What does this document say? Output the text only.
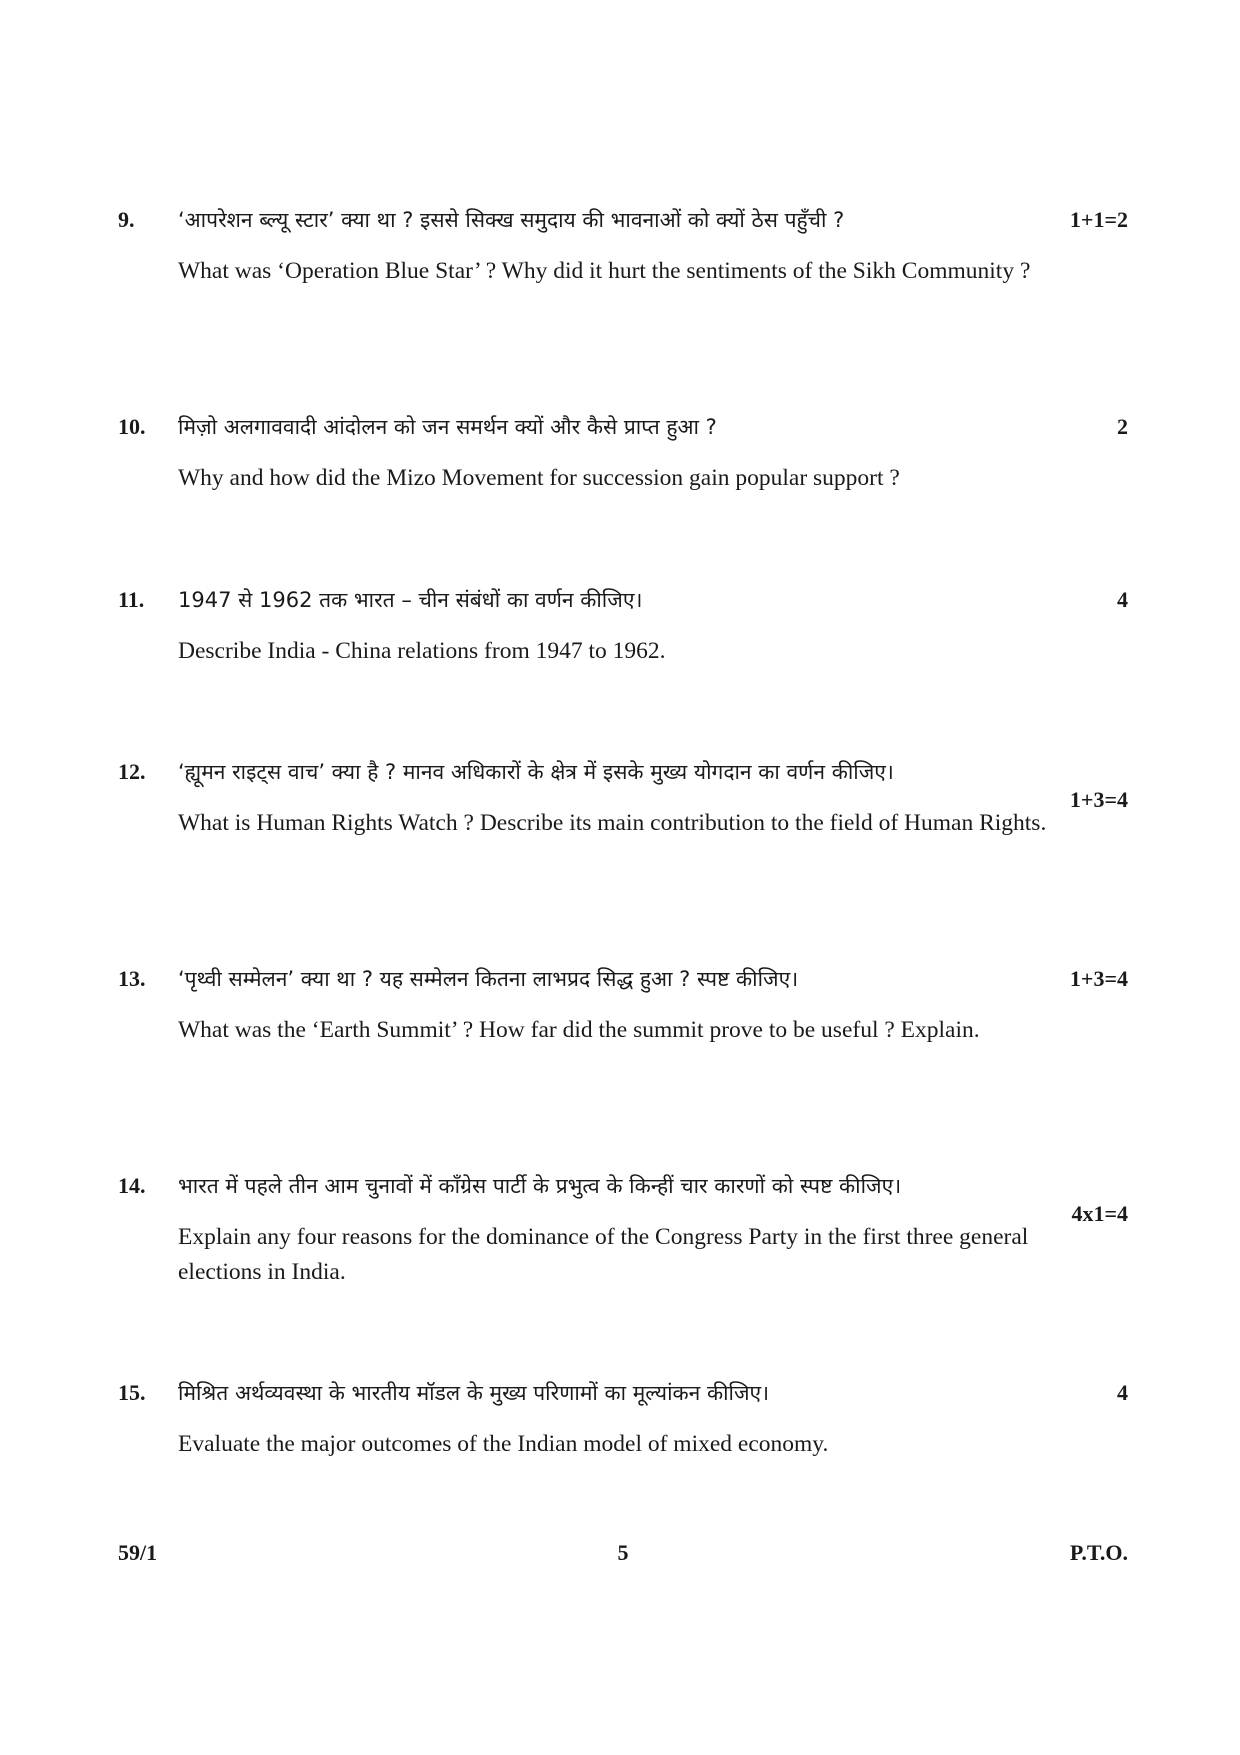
9. ‘आपरेशन ब्ल्यू स्टार’ क्या था ? इससे सिक्ख समुदाय की भावनाओं को क्यों ठेस पहुँची ?	1+1=2
What was ‘Operation Blue Star’ ? Why did it hurt the sentiments of the Sikh Community ?
10. मिज़ो अलगाववादी आंदोलन को जन समर्थन क्यों और कैसे प्राप्त हुआ ?	2
Why and how did the Mizo Movement for succession gain popular support ?
11. 1947 से 1962 तक भारत – चीन संबंधों का वर्णन कीजिए।	4
Describe India - China relations from 1947 to 1962.
12. ‘ह्यूमन राइट्स वाच’ क्या है ? मानव अधिकारों के क्षेत्र में इसके मुख्य योगदान का वर्णन कीजिए।
1+3=4
What is Human Rights Watch ? Describe its main contribution to the field of Human Rights.
13. ‘पृथ्वी सम्मेलन’ क्या था ? यह सम्मेलन कितना लाभप्रद सिद्ध हुआ ? स्पष्ट कीजिए।	1+3=4
What was the ‘Earth Summit’ ? How far did the summit prove to be useful ? Explain.
14. भारत में पहले तीन आम चुनावों में काँग्रेस पार्टी के प्रभुत्व के किन्हीं चार कारणों को स्पष्ट कीजिए।
4x1=4
Explain any four reasons for the dominance of the Congress Party in the first three general elections in India.
15. मिश्रित अर्थव्यवस्था के भारतीय मॉडल के मुख्य परिणामों का मूल्यांकन कीजिए।	4
Evaluate the major outcomes of the Indian model of mixed economy.
59/1	5	P.T.O.
